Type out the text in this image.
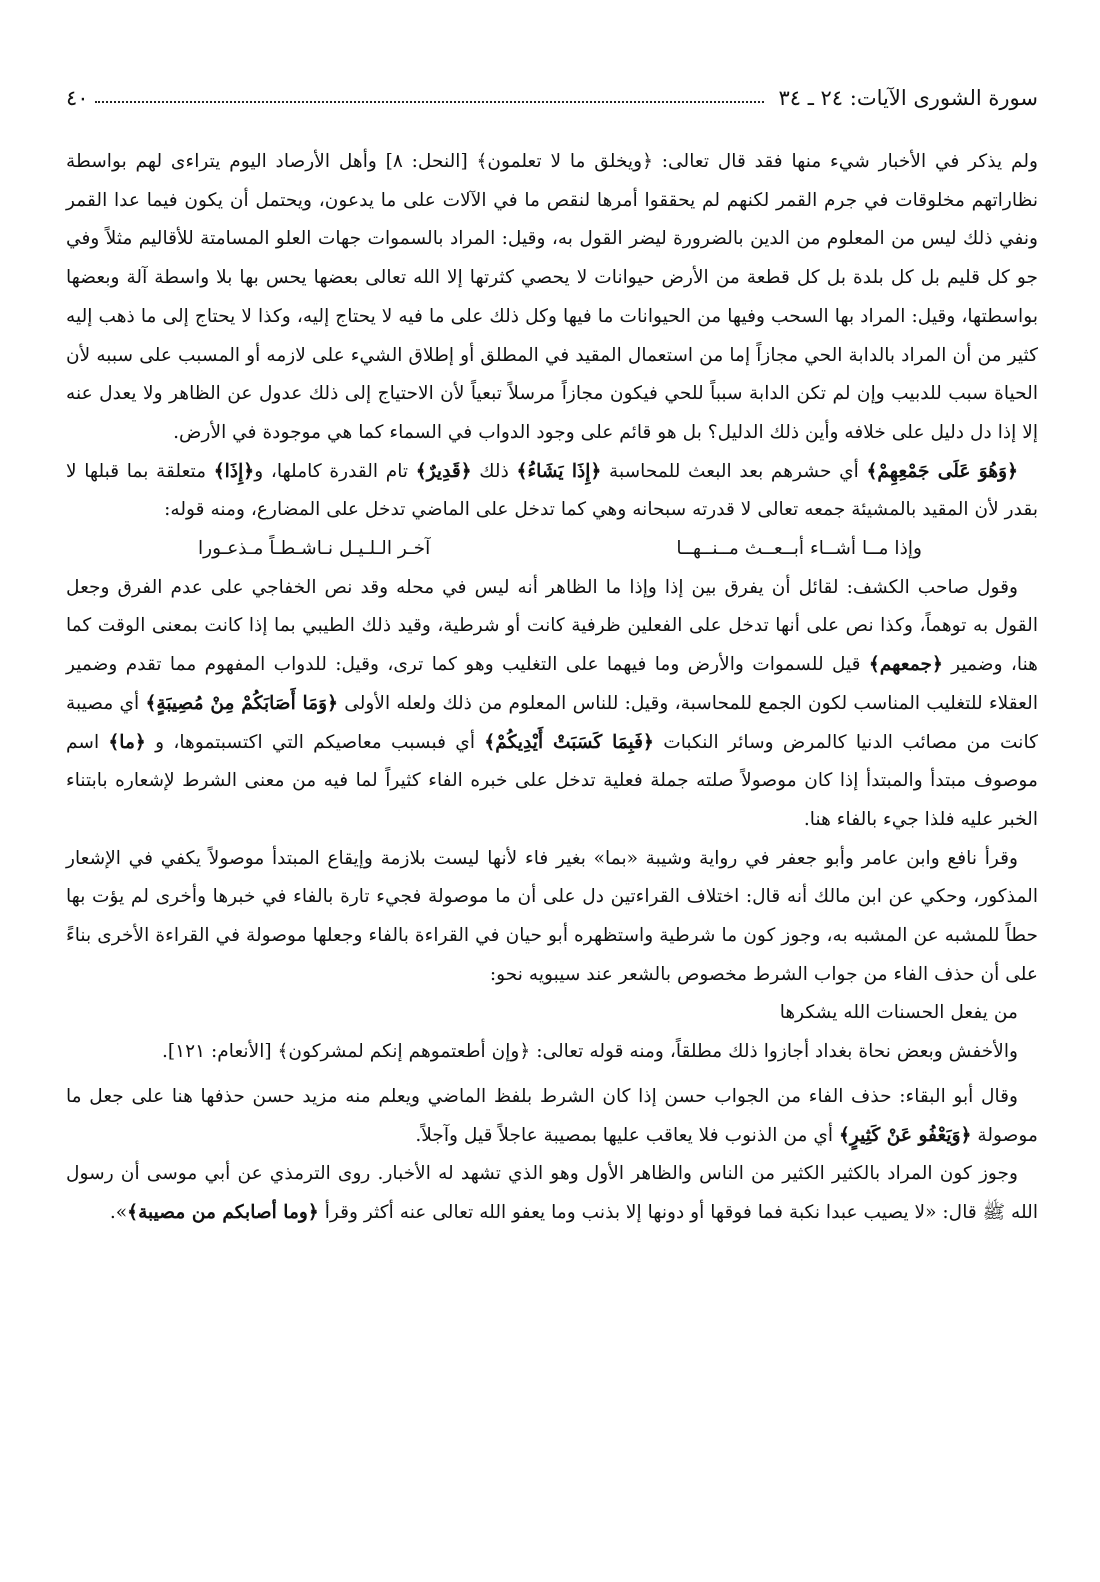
سورة الشورى الآيات: ٢٤ ـ ٣٤
٤٠

ولم يذكر في الأخبار شيء منها فقد قال تعالى: ﴿ويخلق ما لا تعلمون﴾ [النحل: ٨] وأهل الأرصاد اليوم يتراءى لهم بواسطة نظاراتهم مخلوقات في جرم القمر لكنهم لم يحققوا أمرها لنقص ما في الآلات على ما يدعون، ويحتمل أن يكون فيما عدا القمر ونفي ذلك ليس من المعلوم من الدين بالضرورة ليضر القول به، وقيل: المراد بالسموات جهات العلو المسامتة للأقاليم مثلاً وفي جو كل قليم بل كل بلدة بل كل قطعة من الأرض حيوانات لا يحصي كثرتها إلا الله تعالى بعضها يحس بها بلا واسطة آلة وبعضها بواسطتها، وقيل: المراد بها السحب وفيها من الحيوانات ما فيها وكل ذلك على ما فيه لا يحتاج إليه، وكذا لا يحتاج إلى ما ذهب إليه كثير من أن المراد بالدابة الحي مجازاً إما من استعمال المقيد في المطلق أو إطلاق الشيء على لازمه أو المسبب على سببه لأن الحياة سبب للدبيب وإن لم تكن الدابة سبباً للحي فيكون مجازاً مرسلاً تبعياً لأن الاحتياج إلى ذلك عدول عن الظاهر ولا يعدل عنه إلا إذا دل دليل على خلافه وأين ذلك الدليل؟ بل هو قائم على وجود الدواب في السماء كما هي موجودة في الأرض.

﴿وَهُوَ عَلَى جَمْعِهِمْ﴾ أي حشرهم بعد البعث للمحاسبة ﴿إِذَا يَشَاءُ﴾ ذلك ﴿قَدِيرٌ﴾ تام القدرة كاملها، و﴿إِذَا﴾ متعلقة بما قبلها لا بقدر لأن المقيد بالمشيئة جمعه تعالى لا قدرته سبحانه وهي كما تدخل على الماضي تدخل على المضارع، ومنه قوله:

وإذا مــا أشــاء أبــعــث مــنــهــا
آخـر الـلـيـل نـاشـطـاً مـذعـورا

وقول صاحب الكشف: لقائل أن يفرق بين إذا وإذا ما الظاهر أنه ليس في محله وقد نص الخفاجي على عدم الفرق وجعل القول به توهماً، وكذا نص على أنها تدخل على الفعلين ظرفية كانت أو شرطية، وقيد ذلك الطيبي بما إذا كانت بمعنى الوقت كما هنا، وضمير ﴿جمعهم﴾ قيل للسموات والأرض وما فيهما على التغليب وهو كما ترى، وقيل: للدواب المفهوم مما تقدم وضمير العقلاء للتغليب المناسب لكون الجمع للمحاسبة، وقيل: للناس المعلوم من ذلك ولعله الأولى ﴿وَمَا أَصَابَكُمْ مِنْ مُصِيبَةٍ﴾ أي مصيبة كانت من مصائب الدنيا كالمرض وسائر النكبات ﴿فَبِمَا كَسَبَتْ أَيْدِيكُمْ﴾ أي فبسبب معاصيكم التي اكتسبتموها، و ﴿ما﴾ اسم موصوف مبتدأ والمبتدأ إذا كان موصولاً صلته جملة فعلية تدخل على خبره الفاء كثيراً لما فيه من معنى الشرط لإشعاره بابتناء الخبر عليه فلذا جيء بالفاء هنا.

وقرأ نافع وابن عامر وأبو جعفر في رواية وشيبة «بما» بغير فاء لأنها ليست بلازمة وإيقاع المبتدأ موصولاً يكفي في الإشعار المذكور، وحكي عن ابن مالك أنه قال: اختلاف القراءتين دل على أن ما موصولة فجيء تارة بالفاء في خبرها وأخرى لم يؤت بها حطاً للمشبه عن المشبه به، وجوز كون ما شرطية واستظهره أبو حيان في القراءة بالفاء وجعلها موصولة في القراءة الأخرى بناءً على أن حذف الفاء من جواب الشرط مخصوص بالشعر عند سيبويه نحو:

من يفعل الحسنات الله يشكرها

والأخفش وبعض نحاة بغداد أجازوا ذلك مطلقاً، ومنه قوله تعالى: ﴿وإن أطعتموهم إنكم لمشركون﴾ [الأنعام: ١٢١].

وقال أبو البقاء: حذف الفاء من الجواب حسن إذا كان الشرط بلفظ الماضي ويعلم منه مزيد حسن حذفها هنا على جعل ما موصولة ﴿وَيَعْفُو عَنْ كَثِيرٍ﴾ أي من الذنوب فلا يعاقب عليها بمصيبة عاجلاً قيل وآجلاً.

وجوز كون المراد بالكثير الكثير من الناس والظاهر الأول وهو الذي تشهد له الأخبار. روى الترمذي عن أبي موسى أن رسول الله ﷺ قال: «لا يصيب عبدا نكبة فما فوقها أو دونها إلا بذنب وما يعفو الله تعالى عنه أكثر وقرأ ﴿وما أصابكم من مصيبة﴾».
